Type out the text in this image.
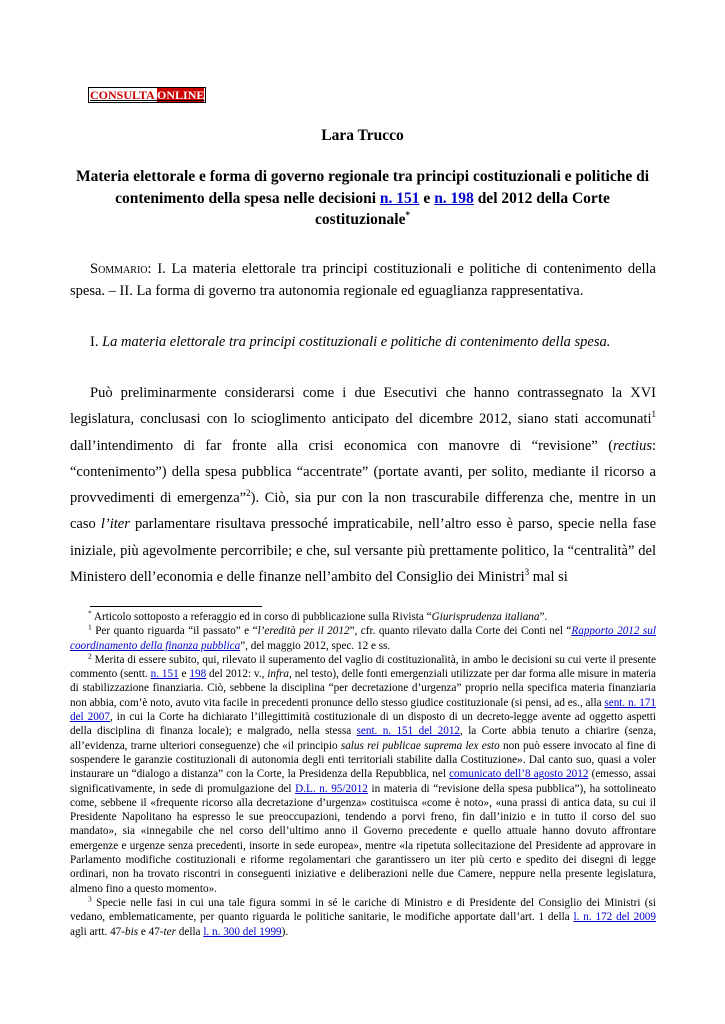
CONSULTA ONLINE
Lara Trucco
Materia elettorale e forma di governo regionale tra principi costituzionali e politiche di contenimento della spesa nelle decisioni n. 151 e n. 198 del 2012 della Corte costituzionale*
Sommario: I. La materia elettorale tra principi costituzionali e politiche di contenimento della spesa. – II. La forma di governo tra autonomia regionale ed eguaglianza rappresentativa.
I. La materia elettorale tra principi costituzionali e politiche di contenimento della spesa.
Può preliminarmente considerarsi come i due Esecutivi che hanno contrassegnato la XVI legislatura, conclusasi con lo scioglimento anticipato del dicembre 2012, siano stati accomunati$^1$ dall’intendimento di far fronte alla crisi economica con manovre di “revisione” (rectius: “contenimento”) della spesa pubblica “accentrate” (portate avanti, per solito, mediante il ricorso a provvedimenti di emergenza”$^2$). Ciò, sia pur con la non trascurabile differenza che, mentre in un caso l’iter parlamentare risultava pressoché impraticabile, nell’altro esso è parso, specie nella fase iniziale, più agevolmente percorribile; e che, sul versante più prettamente politico, la “centralità” del Ministero dell’economia e delle finanze nell’ambito del Consiglio dei Ministri$^3$ mal si

* Articolo sottoposto a referaggio ed in corso di pubblicazione sulla Rivista “Giurisprudenza italiana”.

$^1$ Per quanto riguarda “il passato” e “l’eredità per il 2012”, cfr. quanto rilevato dalla Corte dei Conti nel “Rapporto 2012 sul coordinamento della finanza pubblica”, del maggio 2012, spec. 12 e ss.

$^2$ Merita di essere subito, qui, rilevato il superamento del vaglio di costituzionalità, in ambo le decisioni su cui verte il presente commento (sentt. n. 151 e 198 del 2012: v., infra, nel testo), delle fonti emergenziali utilizzate per dar forma alle misure in materia di stabilizzazione finanziaria. Ciò, sebbene la disciplina “per decretazione d’urgenza” proprio nella specifica materia finanziaria non abbia, com’è noto, avuto vita facile in precedenti pronunce dello stesso giudice costituzionale (si pensi, ad es., alla sent. n. 171 del 2007, in cui la Corte ha dichiarato l’illegittimità costituzionale di un disposto di un decreto-legge avente ad oggetto aspetti della disciplina di finanza locale); e malgrado, nella stessa sent. n. 151 del 2012, la Corte abbia tenuto a chiarire (senza, all’evidenza, trarne ulteriori conseguenze) che «il principio salus rei publicae suprema lex esto non può essere invocato al fine di sospendere le garanzie costituzionali di autonomia degli enti territoriali stabilite dalla Costituzione». Dal canto suo, quasi a voler instaurare un “dialogo a distanza” con la Corte, la Presidenza della Repubblica, nel comunicato dell’8 agosto 2012 (emesso, assai significativamente, in sede di promulgazione del D.L. n. 95/2012 in materia di “revisione della spesa pubblica”), ha sottolineato come, sebbene il «frequente ricorso alla decretazione d’urgenza» costituisca «come è noto», «una prassi di antica data, su cui il Presidente Napolitano ha espresso le sue preoccupazioni, tendendo a porvi freno, fin dall’inizio e in tutto il corso del suo mandato», sia «innegabile che nel corso dell’ultimo anno il Governo precedente e quello attuale hanno dovuto affrontare emergenze e urgenze senza precedenti, insorte in sede europea», mentre «la ripetuta sollecitazione del Presidente ad approvare in Parlamento modifiche costituzionali e riforme regolamentari che garantissero un iter più certo e spedito dei disegni di legge ordinari, non ha trovato riscontri in conseguenti iniziative e deliberazioni nelle due Camere, neppure nella presente legislatura, almeno fino a questo momento».

$^3$ Specie nelle fasi in cui una tale figura sommi in sé le cariche di Ministro e di Presidente del Consiglio dei Ministri (si vedano, emblematicamente, per quanto riguarda le politiche sanitarie, le modifiche apportate dall’art. 1 della l. n. 172 del 2009 agli artt. 47-bis e 47-ter della l. n. 300 del 1999).
